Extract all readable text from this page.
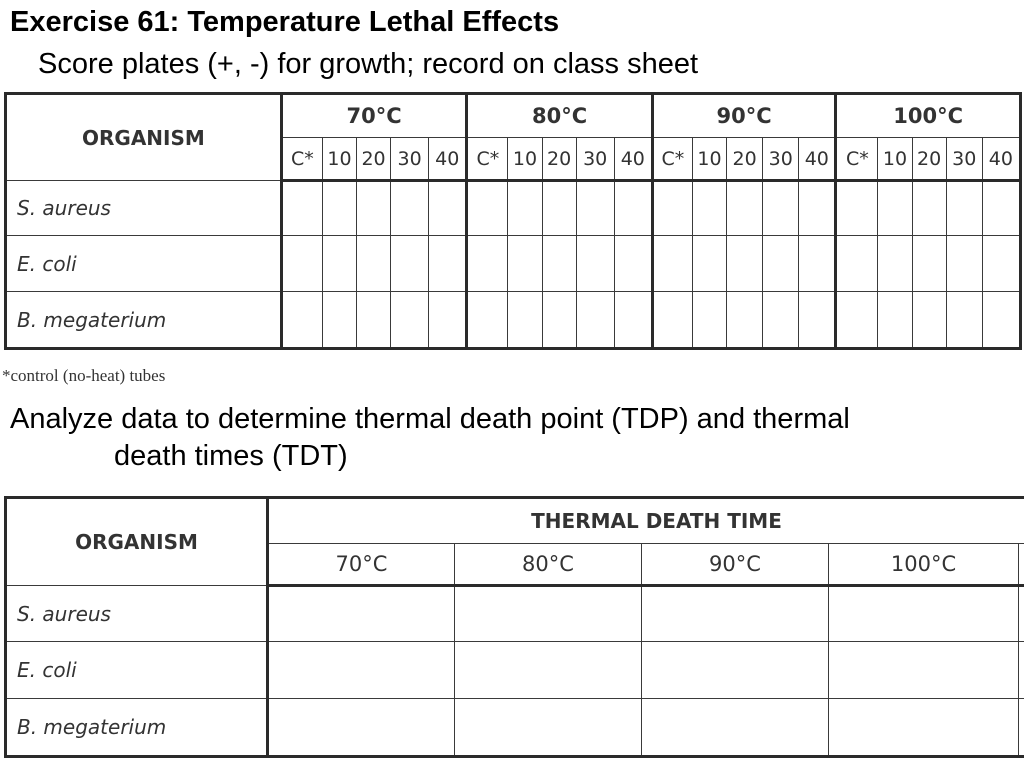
Exercise 61: Temperature Lethal Effects
Score plates (+, -) for growth; record on class sheet
ORGANISM	70°C					80°C					90°C					100°C				
	C*	10	20	30	40	C*	10	20	30	40	C*	10	20	30	40	C*	10	20	30	40
S. aureus																				
E. coli																				
B. megaterium																				
*control (no-heat) tubes
Analyze data to determine thermal death point (TDP) and thermal
death times (TDT)
ORGANISM	THERMAL DEATH TIME				
	70°C	80°C	90°C	100°C	
S. aureus					
E. coli					
B. megaterium					
